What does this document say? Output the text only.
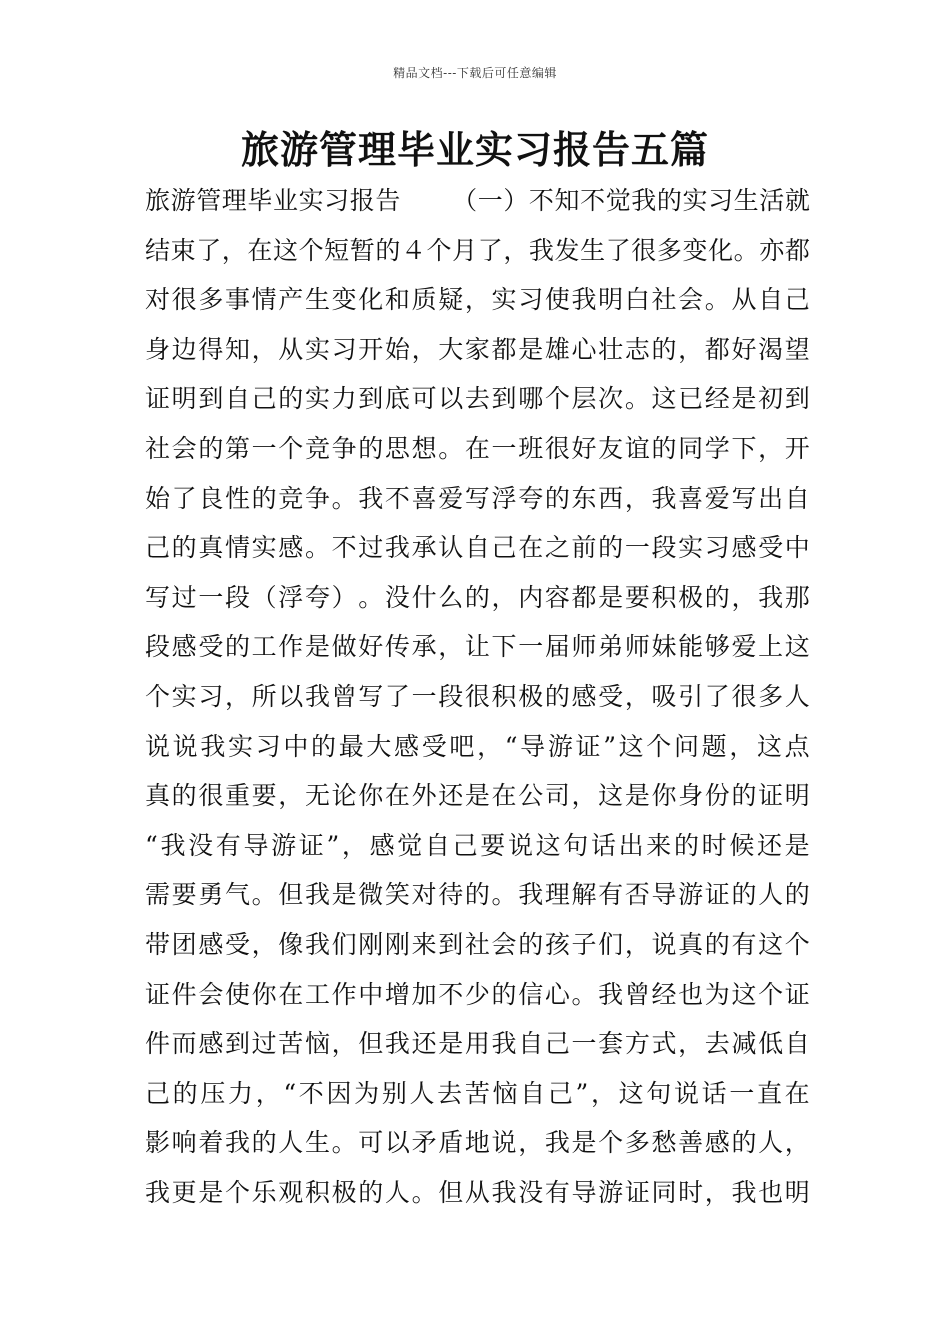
精品文档---下载后可任意编辑
旅游管理毕业实习报告五篇
旅 游 管 理 毕 业 实 习 报 告

　 （ 一 ） 不 知 不 觉 我 的 实 习 生 活 就
结 束 了 ， 在 这 个 短 暂 的 ４ 个 月 了 ， 我 发 生 了 很 多 变 化 。 亦 都
对 很 多 事 情 产 生 变 化 和 质 疑 ， 实 习 使 我 明 白 社 会 。 从 自 己
身 边 得 知 ， 从 实 习 开 始 ， 大 家 都 是 雄 心 壮 志 的 ， 都 好 渴 望
证 明 到 自 己 的 实 力 到 底 可 以 去 到 哪 个 层 次 。 这 已 经 是 初 到
社 会 的 第 一 个 竞 争 的 思 想 。 在 一 班 很 好 友 谊 的 同 学 下 ， 开
始 了 良 性 的 竞 争 。 我 不 喜 爱 写 浮 夸 的 东 西 ， 我 喜 爱 写 出 自
己 的 真 情 实 感 。 不 过 我 承 认 自 己 在 之 前 的 一 段 实 习 感 受 中
写 过 一 段 （ 浮 夸 ） 。 没 什 么 的 ， 内 容 都 是 要 积 极 的 ， 我 那
段 感 受 的 工 作 是 做 好 传 承 ， 让 下 一 届 师 弟 师 妹 能 够 爱 上 这
个 实 习 ， 所 以 我 曾 写 了 一 段 很 积 极 的 感 受 ， 吸 引 了 很 多 人
说 说 我 实 习 中 的 最 大 感 受 吧 ， “ 导 游 证 ” 这 个 问 题 ， 这 点
真 的 很 重 要 ， 无 论 你 在 外 还 是 在 公 司 ， 这 是 你 身 份 的 证 明
“ 我 没 有 导 游 证 ” ， 感 觉 自 己 要 说 这 句 话 出 来 的 时 候 还 是
需 要 勇 气 。 但 我 是 微 笑 对 待 的 。 我 理 解 有 否 导 游 证 的 人 的
带 团 感 受 ， 像 我 们 刚 刚 来 到 社 会 的 孩 子 们 ， 说 真 的 有 这 个
证 件 会 使 你 在 工 作 中 增 加 不 少 的 信 心 。 我 曾 经 也 为 这 个 证
件 而 感 到 过 苦 恼 ， 但 我 还 是 用 我 自 己 一 套 方 式 ， 去 减 低 自
己 的 压 力 ， “ 不 因 为 别 人 去 苦 恼 自 己 ” ， 这 句 说 话 一 直 在
影 响 着 我 的 人 生 。 可 以 矛 盾 地 说 ， 我 是 个 多 愁 善 感 的 人 ，
我 更 是 个 乐 观 积 极 的 人 。 但 从 我 没 有 导 游 证 同 时 ， 我 也 明
